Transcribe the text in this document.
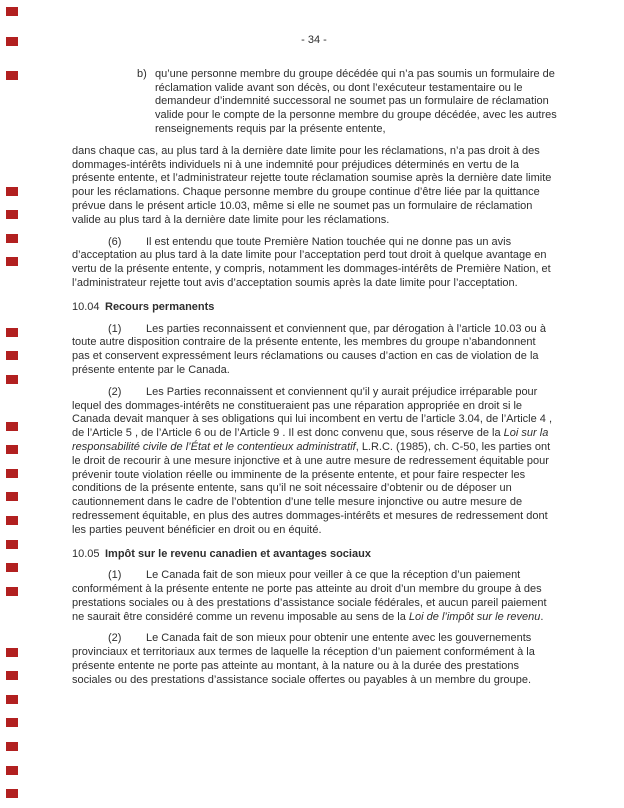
- 34 -
b) qu’une personne membre du groupe décédée qui n’a pas soumis un formulaire de réclamation valide avant son décès, ou dont l’exécuteur testamentaire ou le demandeur d’indemnité successoral ne soumet pas un formulaire de réclamation valide pour le compte de la personne membre du groupe décédée, avec les autres renseignements requis par la présente entente,

dans chaque cas, au plus tard à la dernière date limite pour les réclamations, n’a pas droit à des dommages-intérêts individuels ni à une indemnité pour préjudices déterminés en vertu de la présente entente, et l’administrateur rejette toute réclamation soumise après la dernière date limite pour les réclamations. Chaque personne membre du groupe continue d’être liée par la quittance prévue dans le présent article 10.03, même si elle ne soumet pas un formulaire de réclamation valide au plus tard à la dernière date limite pour les réclamations.

(6) Il est entendu que toute Première Nation touchée qui ne donne pas un avis d’acceptation au plus tard à la date limite pour l’acceptation perd tout droit à quelque avantage en vertu de la présente entente, y compris, notamment les dommages-intérêts de Première Nation, et l’administrateur rejette tout avis d’acceptation soumis après la date limite pour l’acceptation.

10.04 Recours permanents

(1) Les parties reconnaissent et conviennent que, par dérogation à l’article 10.03 ou à toute autre disposition contraire de la présente entente, les membres du groupe n’abandonnent pas et conservent expressément leurs réclamations ou causes d’action en cas de violation de la présente entente par le Canada.

(2) Les Parties reconnaissent et conviennent qu’il y aurait préjudice irréparable pour lequel des dommages-intérêts ne constitueraient pas une réparation appropriée en droit si le Canada devait manquer à ses obligations qui lui incombent en vertu de l’article 3.04, de l’Article 4 , de l’Article 5 , de l’Article 6 ou de l’Article 9 . Il est donc convenu que, sous réserve de la Loi sur la responsabilité civile de l’État et le contentieux administratif, L.R.C. (1985), ch. C-50, les parties ont le droit de recourir à une mesure injonctive et à une autre mesure de redressement équitable pour prévenir toute violation réelle ou imminente de la présente entente, et pour faire respecter les conditions de la présente entente, sans qu’il ne soit nécessaire d’obtenir ou de déposer un cautionnement dans le cadre de l’obtention d’une telle mesure injonctive ou autre mesure de redressement équitable, en plus des autres dommages-intérêts et mesures de redressement dont les parties peuvent bénéficier en droit ou en équité.

10.05 Impôt sur le revenu canadien et avantages sociaux

(1) Le Canada fait de son mieux pour veiller à ce que la réception d’un paiement conformément à la présente entente ne porte pas atteinte au droit d’un membre du groupe à des prestations sociales ou à des prestations d’assistance sociale fédérales, et aucun pareil paiement ne saurait être considéré comme un revenu imposable au sens de la Loi de l’impôt sur le revenu.

(2) Le Canada fait de son mieux pour obtenir une entente avec les gouvernements provinciaux et territoriaux aux termes de laquelle la réception d’un paiement conformément à la présente entente ne porte pas atteinte au montant, à la nature ou à la durée des prestations sociales ou des prestations d’assistance sociale offertes ou payables à un membre du groupe.
